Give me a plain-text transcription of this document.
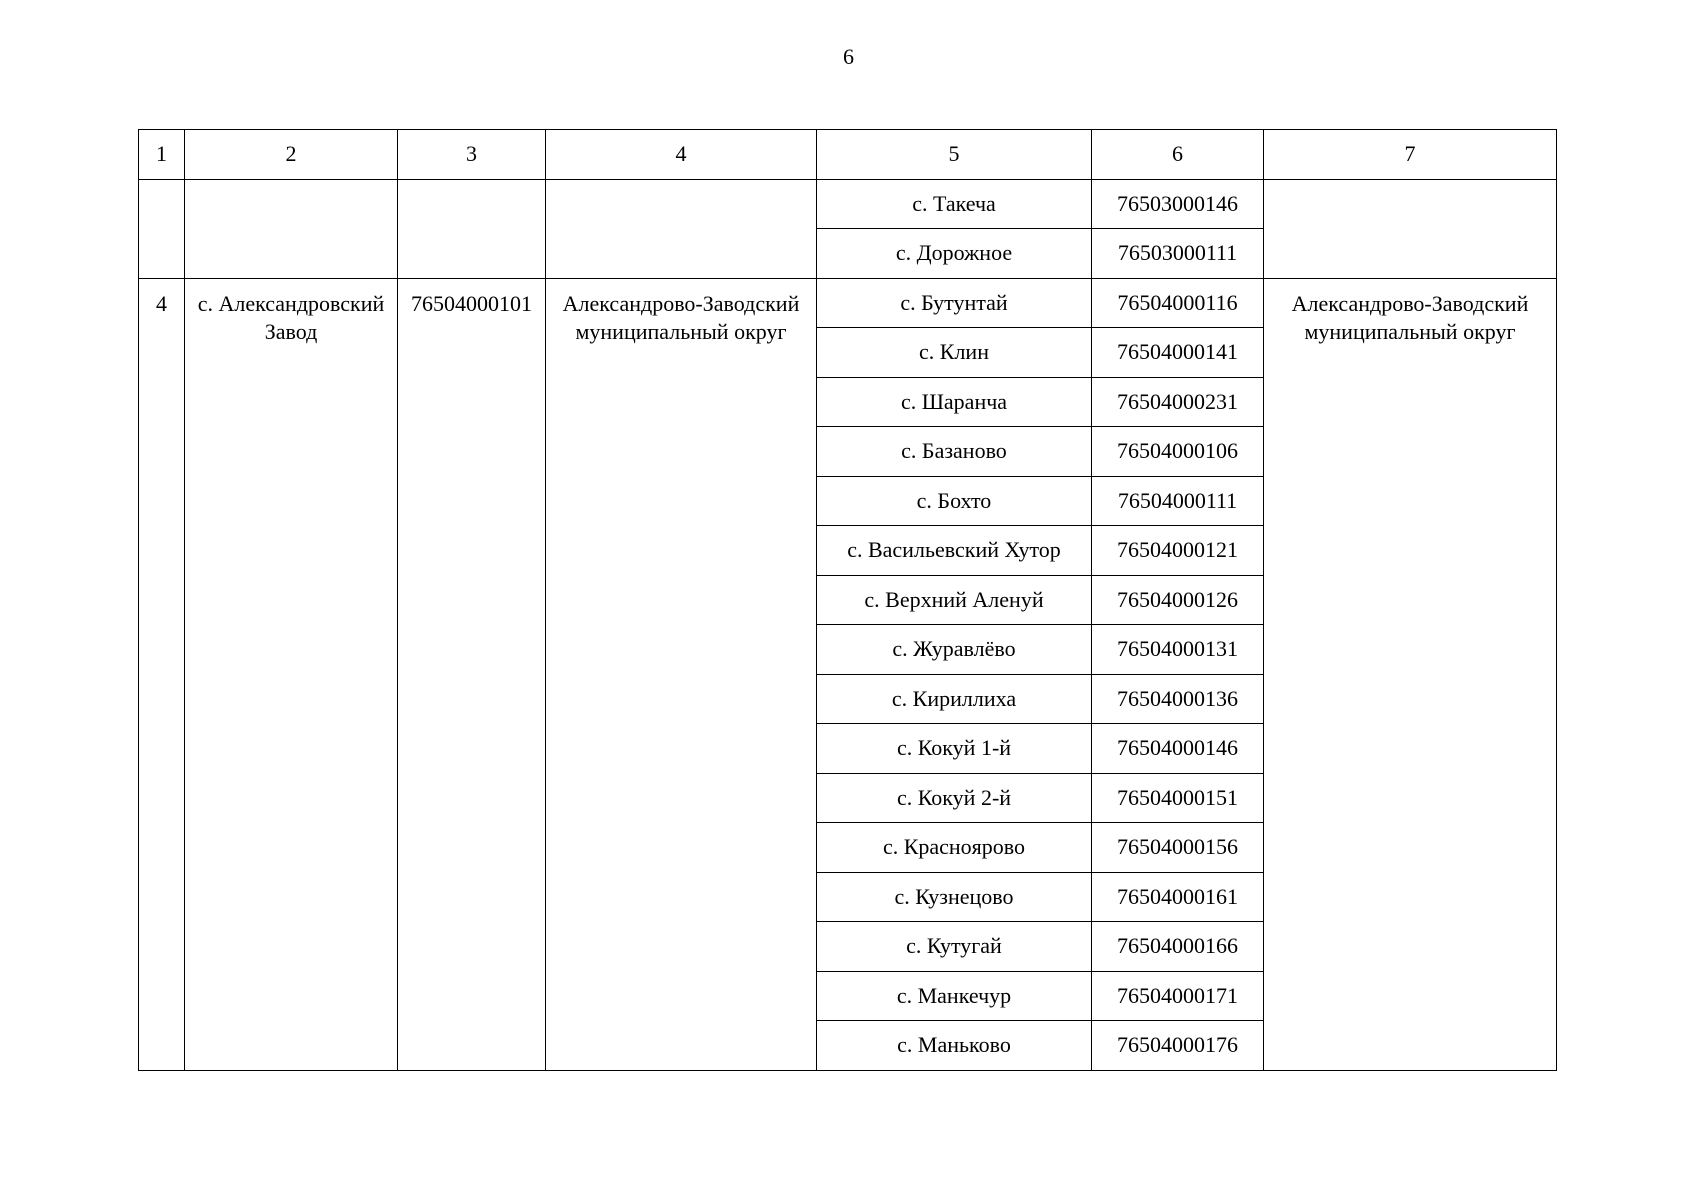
6
1	2	3	4	5	6	7
				с. Такеча	76503000146	
				с. Дорожное	76503000111	
4	с. Александровский Завод	76504000101	Александрово-Заводский муниципальный округ	с. Бутунтай	76504000116	Александрово-Заводский муниципальный округ
				с. Клин	76504000141	
				с. Шаранча	76504000231	
				с. Базаново	76504000106	
				с. Бохто	76504000111	
				с. Васильевский Хутор	76504000121	
				с. Верхний Аленуй	76504000126	
				с. Журавлёво	76504000131	
				с. Кириллиха	76504000136	
				с. Кокуй 1-й	76504000146	
				с. Кокуй 2-й	76504000151	
				с. Краснoярово	76504000156	
				с. Кузнецово	76504000161	
				с. Кутугай	76504000166	
				с. Манкечур	76504000171	
				с. Маньково	76504000176	
